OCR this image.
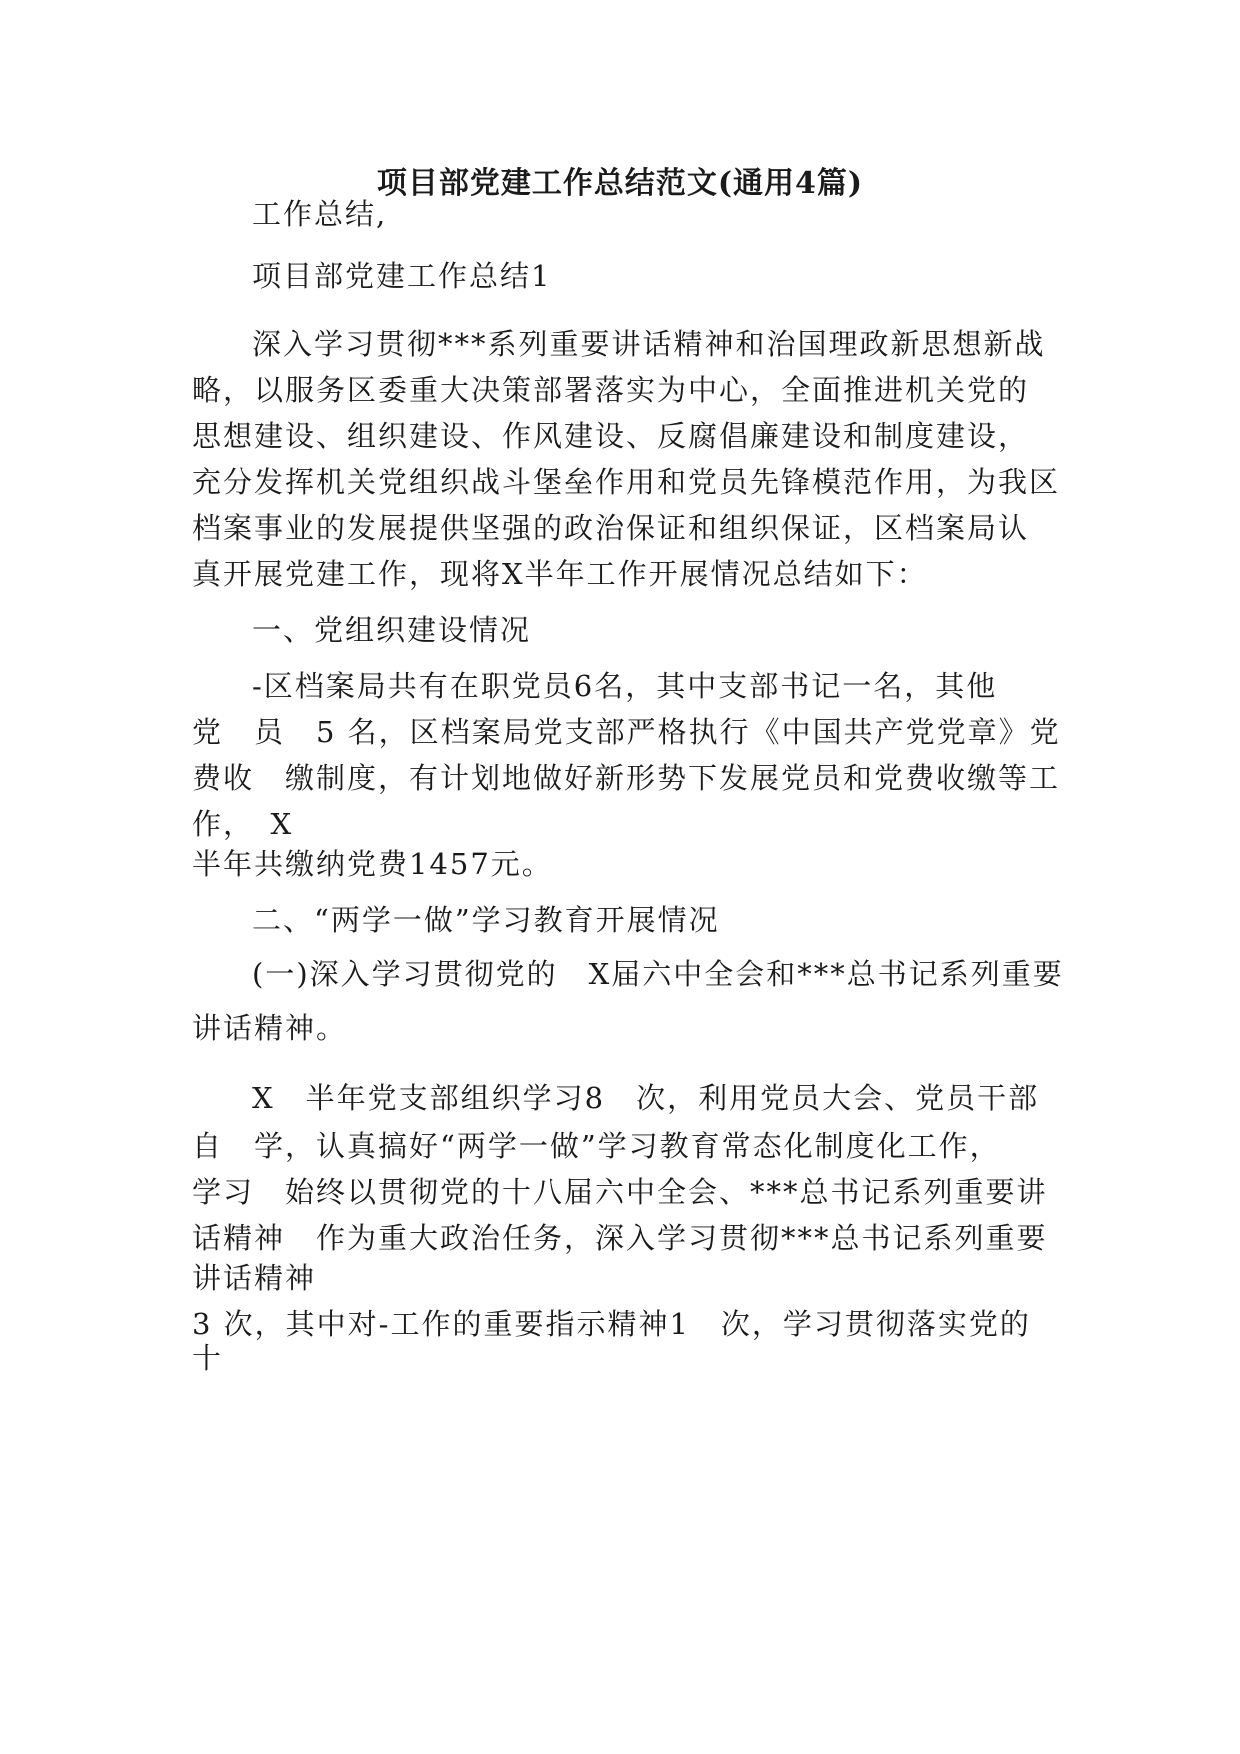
项目部党建工作总结范文(通用4篇)
工作总结,
项目部党建工作总结1
深入学习贯彻***系列重要讲话精神和治国理政新思想新战
略，以服务区委重大决策部署落实为中心，全面推进机关党的
思想建设、组织建设、作风建设、反腐倡廉建设和制度建设，
充分发挥机关党组织战斗堡垒作用和党员先锋模范作用，为我区
档案事业的发展提供坚强的政治保证和组织保证，区档案局认
真开展党建工作，现将X半年工作开展情况总结如下：
一、党组织建设情况
-区档案局共有在职党员6名，其中支部书记一名，其他
党　员　5 名，区档案局党支部严格执行《中国共产党党章》党
费收　缴制度，有计划地做好新形势下发展党员和党费收缴等工
作，　X
半年共缴纳党费1457元。
二、“两学一做”学习教育开展情况
(一)深入学习贯彻党的　X届六中全会和***总书记系列重要
讲话精神。
X　半年党支部组织学习8　次，利用党员大会、党员干部
自　学，认真搞好“两学一做”学习教育常态化制度化工作，
学习　始终以贯彻党的十八届六中全会、***总书记系列重要讲
话精神　作为重大政治任务，深入学习贯彻***总书记系列重要
讲话精神
3 次，其中对-工作的重要指示精神1　次，学习贯彻落实党的
十
